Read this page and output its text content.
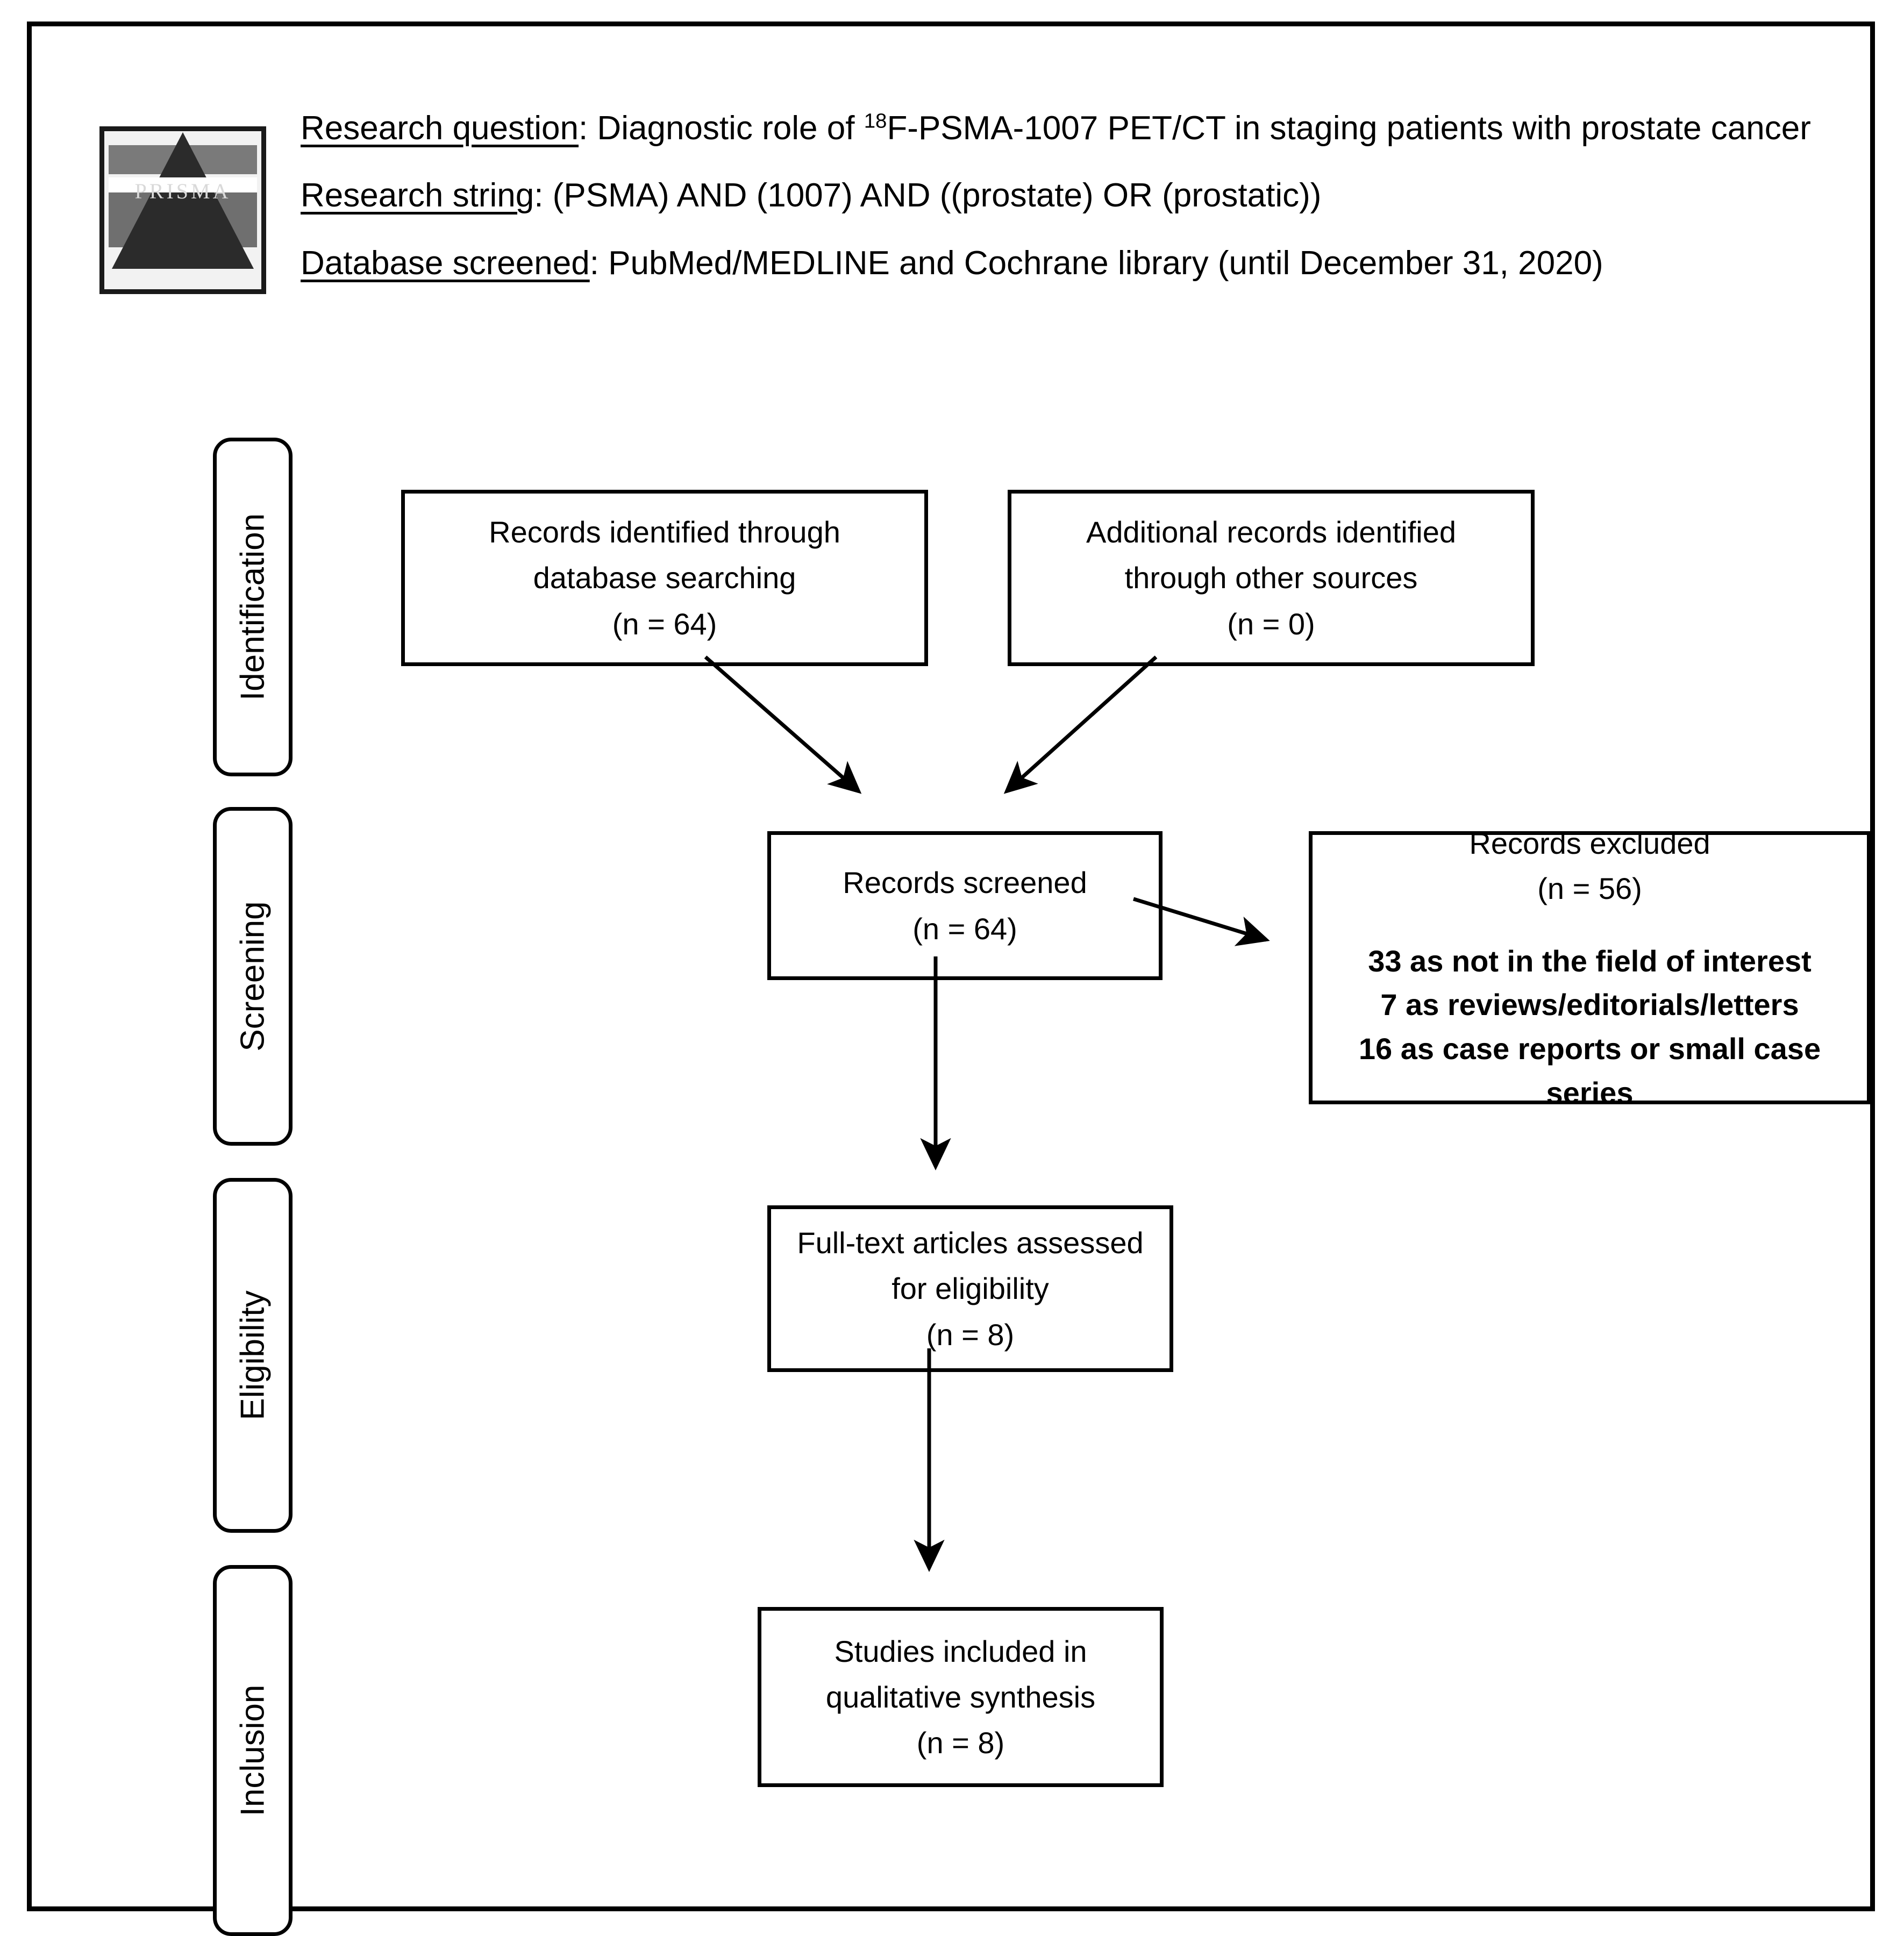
PRISMA

Research question: Diagnostic role of $^{18}$F-PSMA-1007 PET/CT in staging patients with prostate cancer

Research string: (PSMA) AND (1007) AND ((prostate) OR (prostatic))

Database screened: PubMed/MEDLINE and Cochrane library (until December 31, 2020)

Identification
Screening
Eligibility
Inclusion
Records identified through
database searching
(n = 64)
Additional records identified
through other sources
(n = 0)
Records screened
(n = 64)
Records excluded
(n = 56)
33 as not in the field of interest
7 as reviews/editorials/letters
16 as case reports or small case series
Full-text articles assessed
for eligibility
(n = 8)
Studies included in
qualitative synthesis
(n = 8)
